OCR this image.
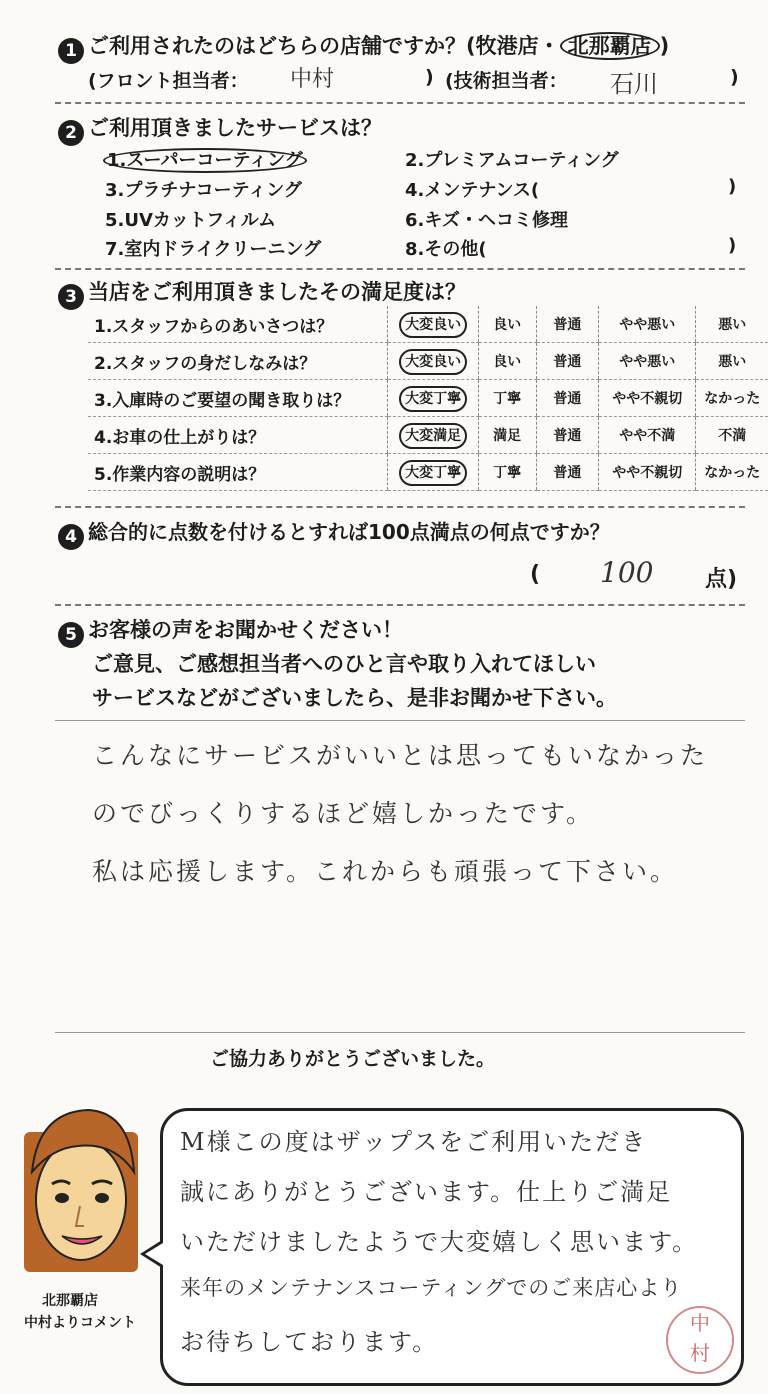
1 ご利用されたのはどちらの店舗ですか？(牧港店・ 北那覇店 )
(フロント担当者： 中村	) (技術担当者： 石川	)
2 ご利用頂きましたサービスは？
1.スーパーコーティング	2.プレミアムコーティング
3.プラチナコーティング	4.メンテナンス(	)
5.UVカットフィルム	6.キズ・ヘコミ修理
7.室内ドライクリーニング	8.その他(	)
3 当店をご利用頂きましたその満足度は？
1.スタッフからのあいさつは？	大変良い	良い	普通	やや悪い	悪い
2.スタッフの身だしなみは？	大変良い	良い	普通	やや悪い	悪い
3.入庫時のご要望の聞き取りは？	大変丁寧	丁寧	普通	やや不親切	なかった
4.お車の仕上がりは？	大変満足	満足	普通	やや不満	不満
5.作業内容の説明は？	大変丁寧	丁寧	普通	やや不親切	なかった
4 総合的に点数を付けるとすれば100点満点の何点ですか？
( 100 点)
5 お客様の声をお聞かせください！
ご意見、ご感想担当者へのひと言や取り入れてほしい
サービスなどがございましたら、是非お聞かせ下さい。
こんなにサービスがいいとは思ってもいなかった
のでびっくりするほど嬉しかったです。
私は応援します。これからも頑張って下さい。
ご協力ありがとうございました。
北那覇店
中村よりコメント
M様この度はザップスをご利用いただき
誠にありがとうございます。仕上りご満足
いただけましたようで大変嬉しく思います。
来年のメンテナンスコーティングでのご来店心より
お待ちしております。
中
村
